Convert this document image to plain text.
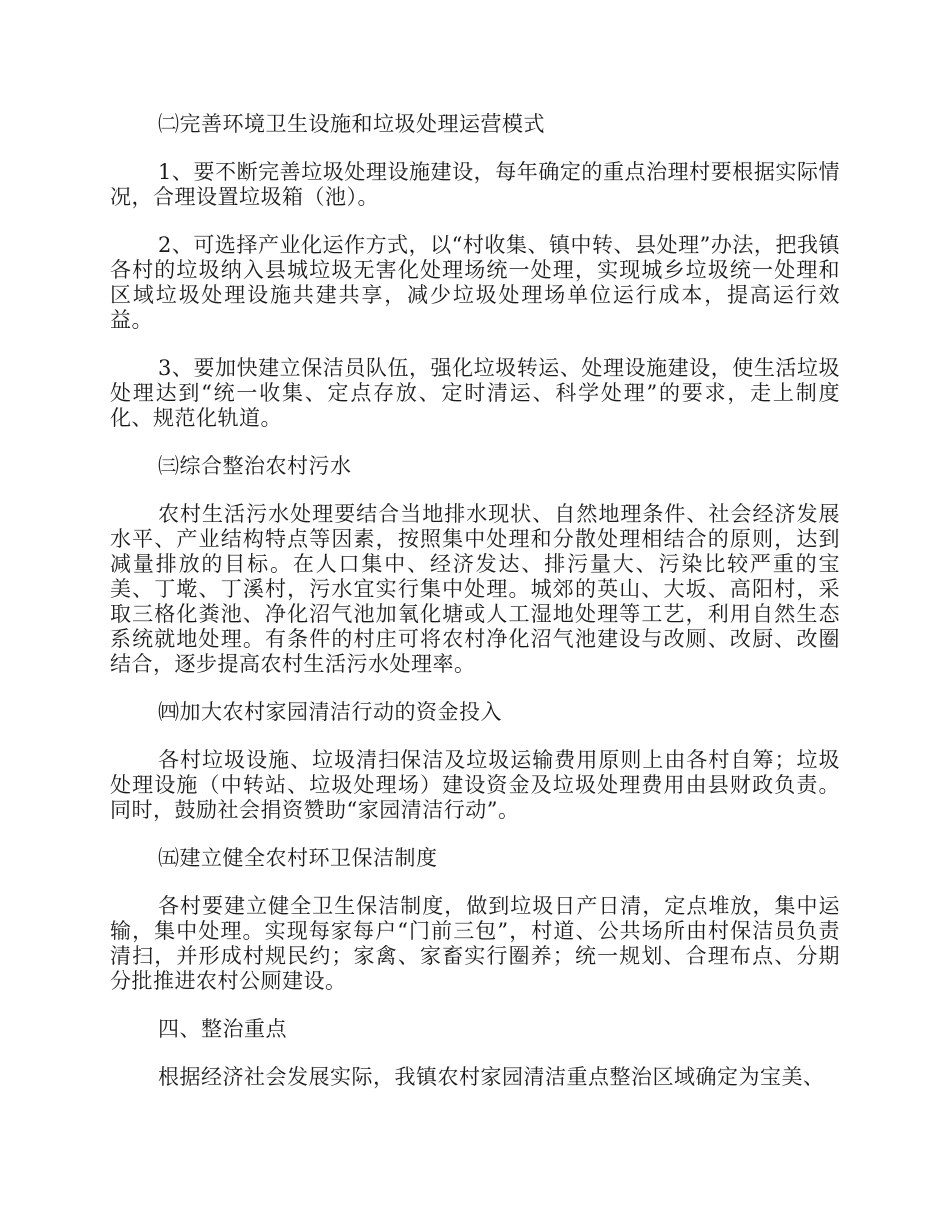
㈡完善环境卫生设施和垃圾处理运营模式

1、要不断完善垃圾处理设施建设，每年确定的重点治理村要根据实际情况，合理设置垃圾箱（池）。

2、可选择产业化运作方式，以“村收集、镇中转、县处理”办法，把我镇各村的垃圾纳入县城垃圾无害化处理场统一处理，实现城乡垃圾统一处理和区域垃圾处理设施共建共享，减少垃圾处理场单位运行成本，提高运行效益。

3、要加快建立保洁员队伍，强化垃圾转运、处理设施建设，使生活垃圾处理达到“统一收集、定点存放、定时清运、科学处理”的要求，走上制度化、规范化轨道。

㈢综合整治农村污水

农村生活污水处理要结合当地排水现状、自然地理条件、社会经济发展水平、产业结构特点等因素，按照集中处理和分散处理相结合的原则，达到减量排放的目标。在人口集中、经济发达、排污量大、污染比较严重的宝美、丁墘、丁溪村，污水宜实行集中处理。城郊的英山、大坂、高阳村，采取三格化粪池、净化沼气池加氧化塘或人工湿地处理等工艺，利用自然生态系统就地处理。有条件的村庄可将农村净化沼气池建设与改厕、改厨、改圈结合，逐步提高农村生活污水处理率。

㈣加大农村家园清洁行动的资金投入

各村垃圾设施、垃圾清扫保洁及垃圾运输费用原则上由各村自筹；垃圾处理设施（中转站、垃圾处理场）建设资金及垃圾处理费用由县财政负责。同时，鼓励社会捐资赞助“家园清洁行动”。

㈤建立健全农村环卫保洁制度

各村要建立健全卫生保洁制度，做到垃圾日产日清，定点堆放，集中运输，集中处理。实现每家每户“门前三包”，村道、公共场所由村保洁员负责清扫，并形成村规民约；家禽、家畜实行圈养；统一规划、合理布点、分期分批推进农村公厕建设。

四、整治重点

根据经济社会发展实际，我镇农村家园清洁重点整治区域确定为宝美、
